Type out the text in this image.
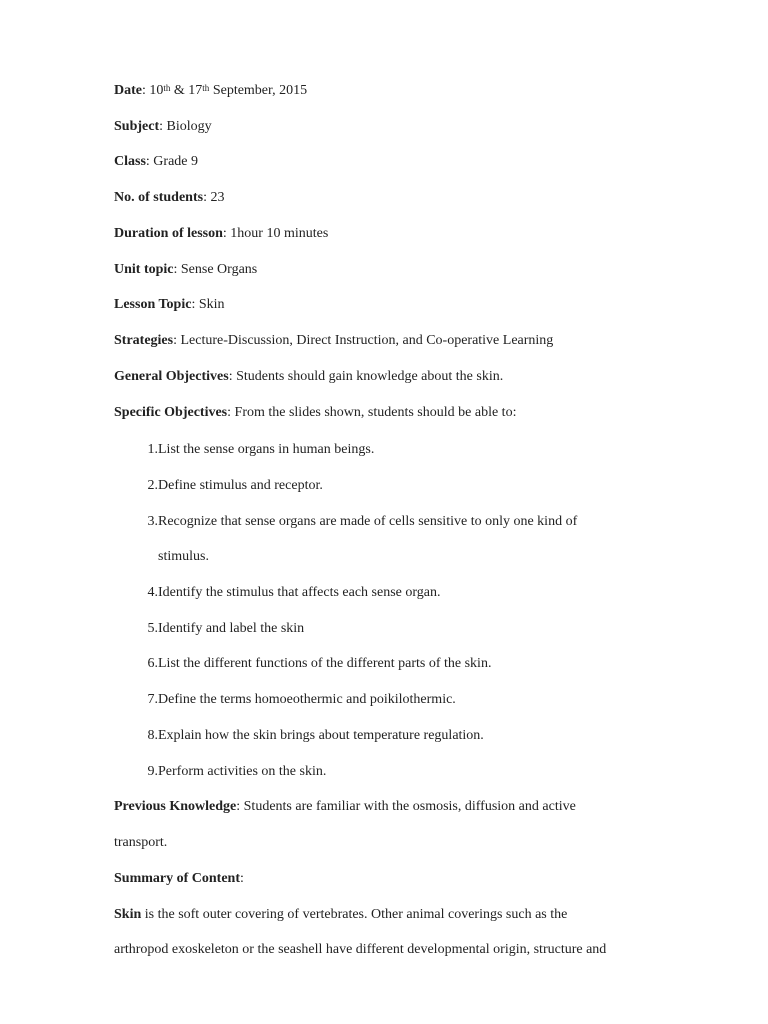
Date: 10th & 17th September, 2015
Subject: Biology
Class: Grade 9
No. of students: 23
Duration of lesson: 1hour 10 minutes
Unit topic: Sense Organs
Lesson Topic: Skin
Strategies: Lecture-Discussion, Direct Instruction, and Co-operative Learning
General Objectives: Students should gain knowledge about the skin.
Specific Objectives: From the slides shown, students should be able to:
1. List the sense organs in human beings.
2. Define stimulus and receptor.
3. Recognize that sense organs are made of cells sensitive to only one kind of
stimulus.
4. Identify the stimulus that affects each sense organ.
5. Identify and label the skin
6. List the different functions of the different parts of the skin.
7. Define the terms homoeothermic and poikilothermic.
8. Explain how the skin brings about temperature regulation.
9. Perform activities on the skin.
Previous Knowledge: Students are familiar with the osmosis, diffusion and active
transport.
Summary of Content:
Skin is the soft outer covering of vertebrates. Other animal coverings such as the
arthropod exoskeleton or the seashell have different developmental origin, structure and
